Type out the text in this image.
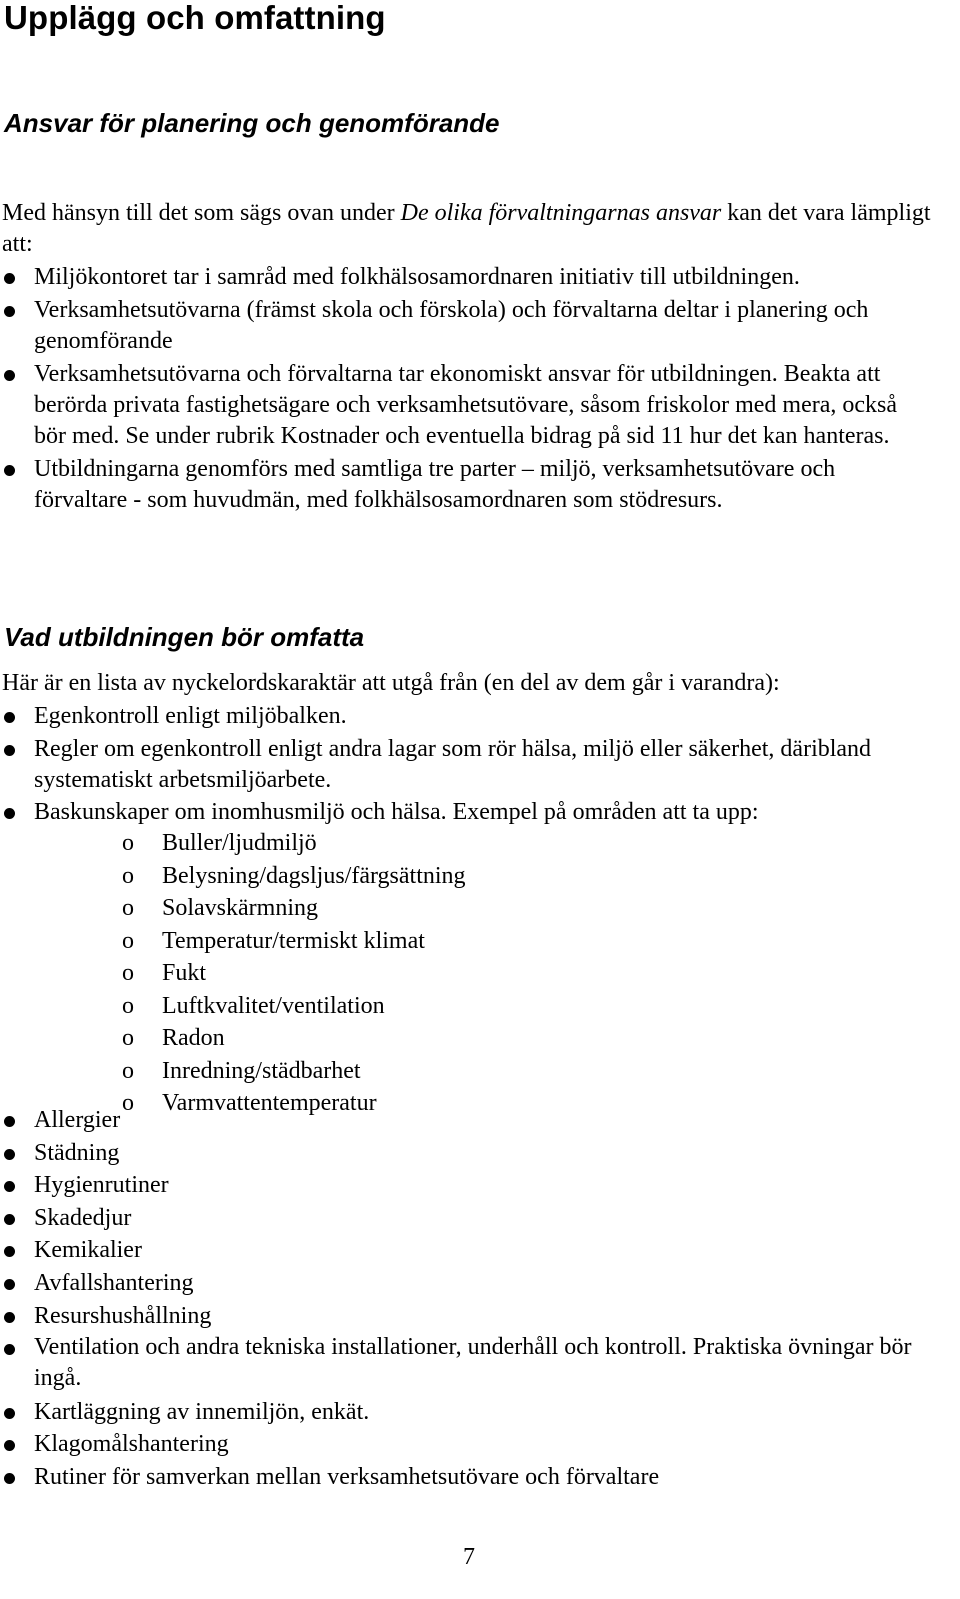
Upplägg och omfattning
Ansvar för planering och genomförande

Med hänsyn till det som sägs ovan under De olika förvaltningarnas ansvar kan det vara lämpligt att:

Miljökontoret tar i samråd med folkhälsosamordnaren initiativ till utbildningen.
Verksamhetsutövarna (främst skola och förskola) och förvaltarna deltar i planering och genomförande
Verksamhetsutövarna och förvaltarna tar ekonomiskt ansvar för utbildningen. Beakta att berörda privata fastighetsägare och verksamhetsutövare, såsom friskolor med mera, också bör med. Se under rubrik Kostnader och eventuella bidrag på sid 11 hur det kan hanteras.
Utbildningarna genomförs med samtliga tre parter – miljö, verksamhetsutövare och förvaltare - som huvudmän, med folkhälsosamordnaren som stödresurs.
Vad utbildningen bör omfatta

Här är en lista av nyckelordskaraktär att utgå från (en del av dem går i varandra):

Egenkontroll enligt miljöbalken.
Regler om egenkontroll enligt andra lagar som rör hälsa, miljö eller säkerhet, däribland systematiskt arbetsmiljöarbete.
Baskunskaper om inomhusmiljö och hälsa. Exempel på områden att ta upp:
o Buller/ljudmiljö
o Belysning/dagsljus/färgsättning
o Solavskärmning
o Temperatur/termiskt klimat
o Fukt
o Luftkvalitet/ventilation
o Radon
o Inredning/städbarhet
o Varmvattentemperatur
Allergier
Städning
Hygienrutiner
Skadedjur
Kemikalier
Avfallshantering
Resurshushållning
Ventilation och andra tekniska installationer, underhåll och kontroll. Praktiska övningar bör ingå.
Kartläggning av innemiljön, enkät.
Klagomålshantering
Rutiner för samverkan mellan verksamhetsutövare och förvaltare
7
